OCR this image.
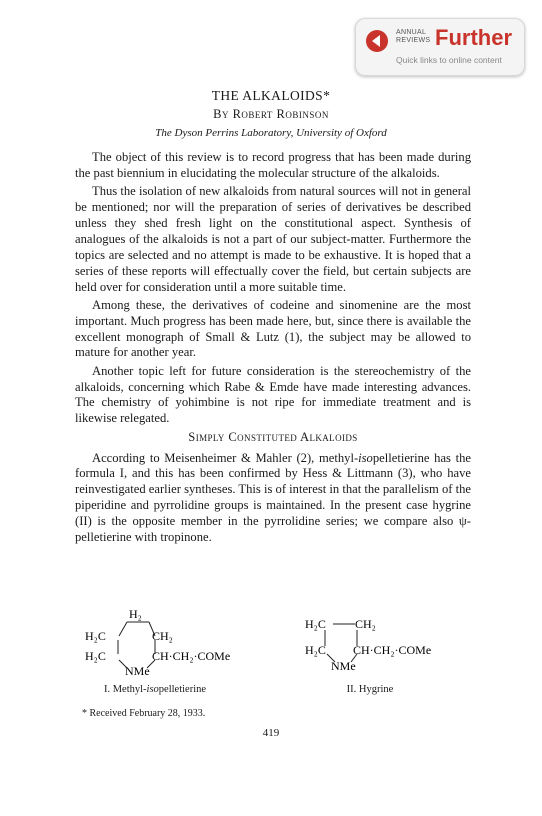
ANNUAL
REVIEWS Further
Quick links to online content
THE ALKALOIDS*
By Robert Robinson
The Dyson Perrins Laboratory, University of Oxford

The object of this review is to record progress that has been made during the past biennium in elucidating the molecular structure of the alkaloids.

Thus the isolation of new alkaloids from natural sources will not in general be mentioned; nor will the preparation of series of derivatives be described unless they shed fresh light on the constitutional aspect. Synthesis of analogues of the alkaloids is not a part of our subject-matter. Furthermore the topics are selected and no attempt is made to be exhaustive. It is hoped that a series of these reports will effectually cover the field, but certain subjects are held over for consideration until a more suitable time.

Among these, the derivatives of codeine and sinomenine are the most important. Much progress has been made here, but, since there is available the excellent monograph of Small & Lutz (1), the subject may be allowed to mature for another year.

Another topic left for future consideration is the stereochemistry of the alkaloids, concerning which Rabe & Emde have made interesting advances. The chemistry of yohimbine is not ripe for immediate treatment and is likewise relegated.

Simply Constituted Alkaloids

According to Meisenheimer & Mahler (2), methyl-isopelletierine has the formula I, and this has been confirmed by Hess & Littmann (3), who have reinvestigated earlier syntheses. This is of interest in that the parallelism of the piperidine and pyrrolidine groups is maintained. In the present case hygrine (II) is the opposite member in the pyrrolidine series; we compare also ψ-pelletierine with tropinone.

H₂
H₂C	CH₂
H₂C	CH·CH₂·COMe
NMe
H₂C CH₂
H₂C CH·CH₂·COMe
NMe
I. Methyl-isopelletierine	II. Hygrine
* Received February 28, 1933.
419
